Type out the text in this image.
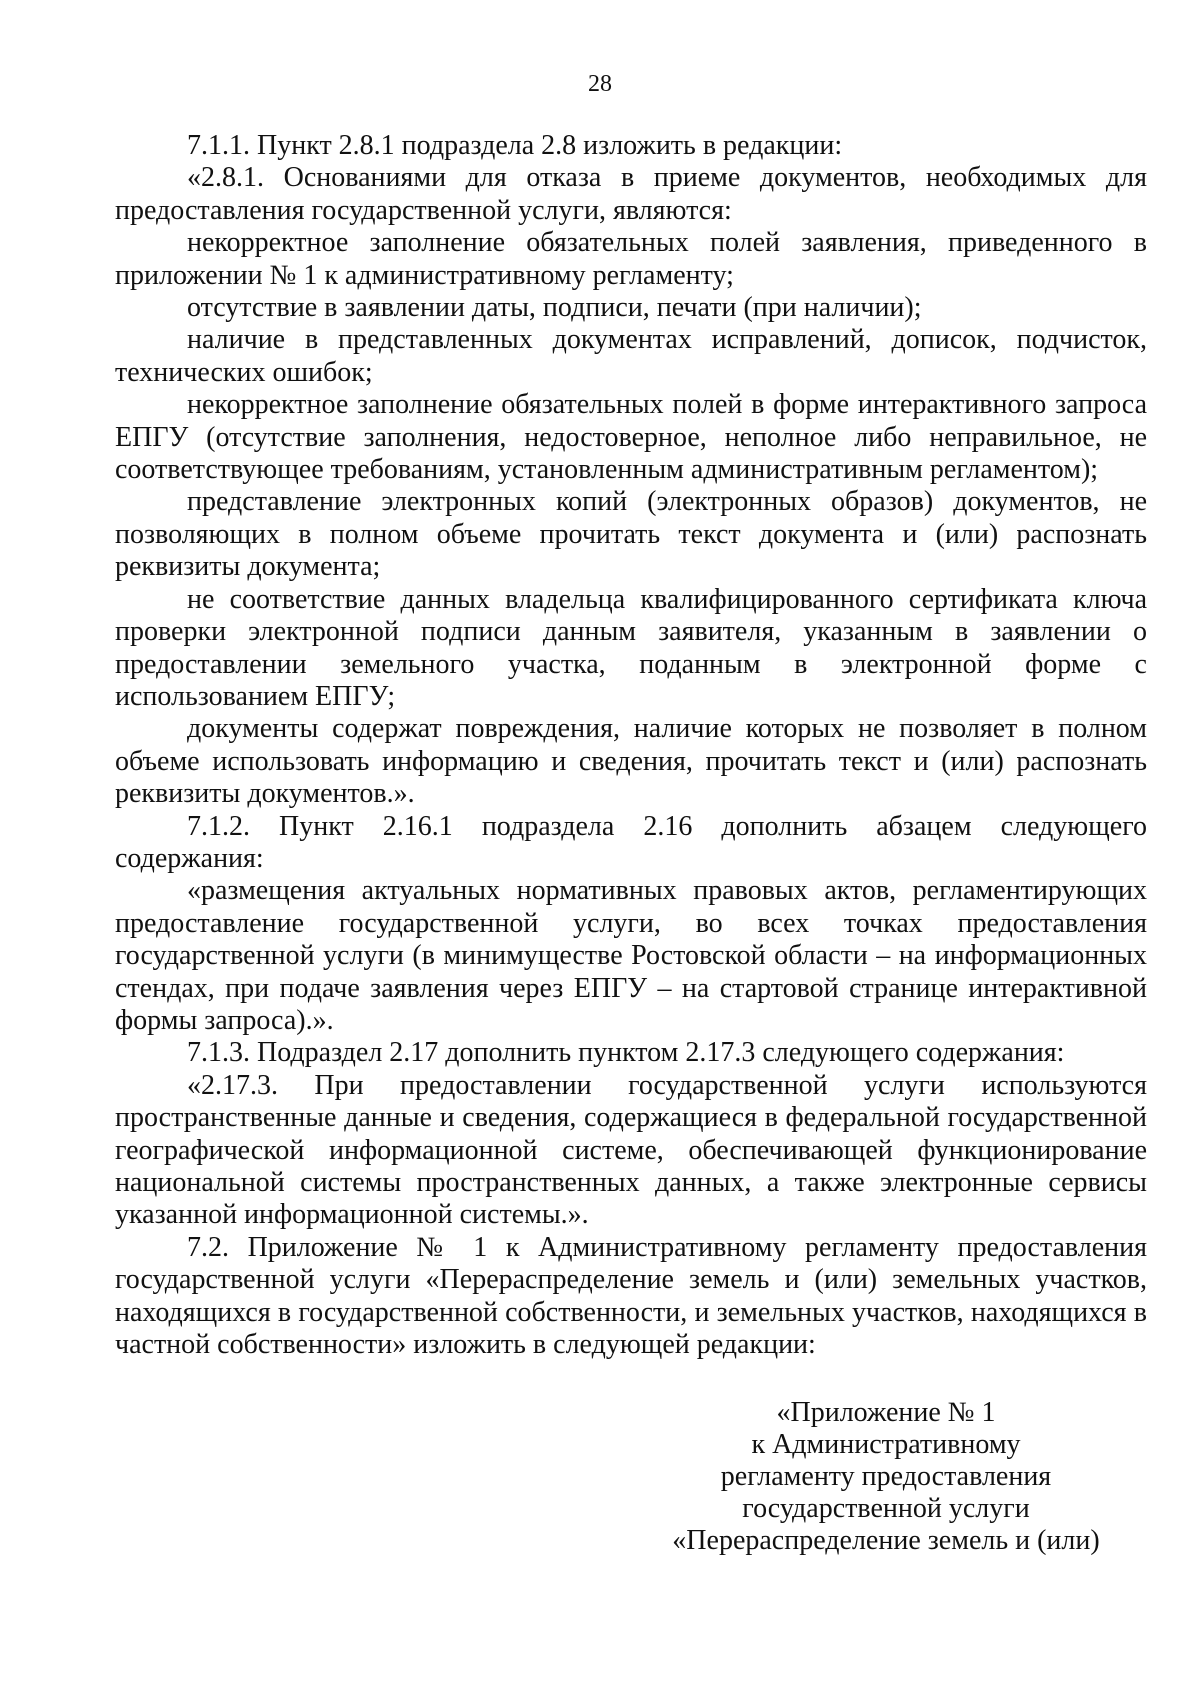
28

7.1.1. Пункт 2.8.1 подраздела 2.8 изложить в редакции:

«2.8.1. Основаниями для отказа в приеме документов, необходимых для предоставления государственной услуги, являются:

некорректное заполнение обязательных полей заявления, приведенного в приложении № 1 к административному регламенту;

отсутствие в заявлении даты, подписи, печати (при наличии);

наличие в представленных документах исправлений, дописок, подчисток, технических ошибок;

некорректное заполнение обязательных полей в форме интерактивного запроса ЕПГУ (отсутствие заполнения, недостоверное, неполное либо неправильное, не соответствующее требованиям, установленным административным регламентом);

представление электронных копий (электронных образов) документов, не позволяющих в полном объеме прочитать текст документа и (или) распознать реквизиты документа;

не соответствие данных владельца квалифицированного сертификата ключа проверки электронной подписи данным заявителя, указанным в заявлении о предоставлении земельного участка, поданным в электронной форме с использованием ЕПГУ;

документы содержат повреждения, наличие которых не позволяет в полном объеме использовать информацию и сведения, прочитать текст и (или) распознать реквизиты документов.».

7.1.2. Пункт 2.16.1 подраздела 2.16 дополнить абзацем следующего содержания:

«размещения актуальных нормативных правовых актов, регламентирующих предоставление государственной услуги, во всех точках предоставления государственной услуги (в минимуществе Ростовской области – на информационных стендах, при подаче заявления через ЕПГУ – на стартовой странице интерактивной формы запроса).».

7.1.3. Подраздел 2.17 дополнить пунктом 2.17.3 следующего содержания:

«2.17.3. При предоставлении государственной услуги используются пространственные данные и сведения, содержащиеся в федеральной государственной географической информационной системе, обеспечивающей функционирование национальной системы пространственных данных, а также электронные сервисы указанной информационной системы.».

7.2. Приложение № 1 к Административному регламенту предоставления государственной услуги «Перераспределение земель и (или) земельных участков, находящихся в государственной собственности, и земельных участков, находящихся в частной собственности» изложить в следующей редакции:

«Приложение № 1
к Административному
регламенту предоставления
государственной услуги
«Перераспределение земель и (или)
